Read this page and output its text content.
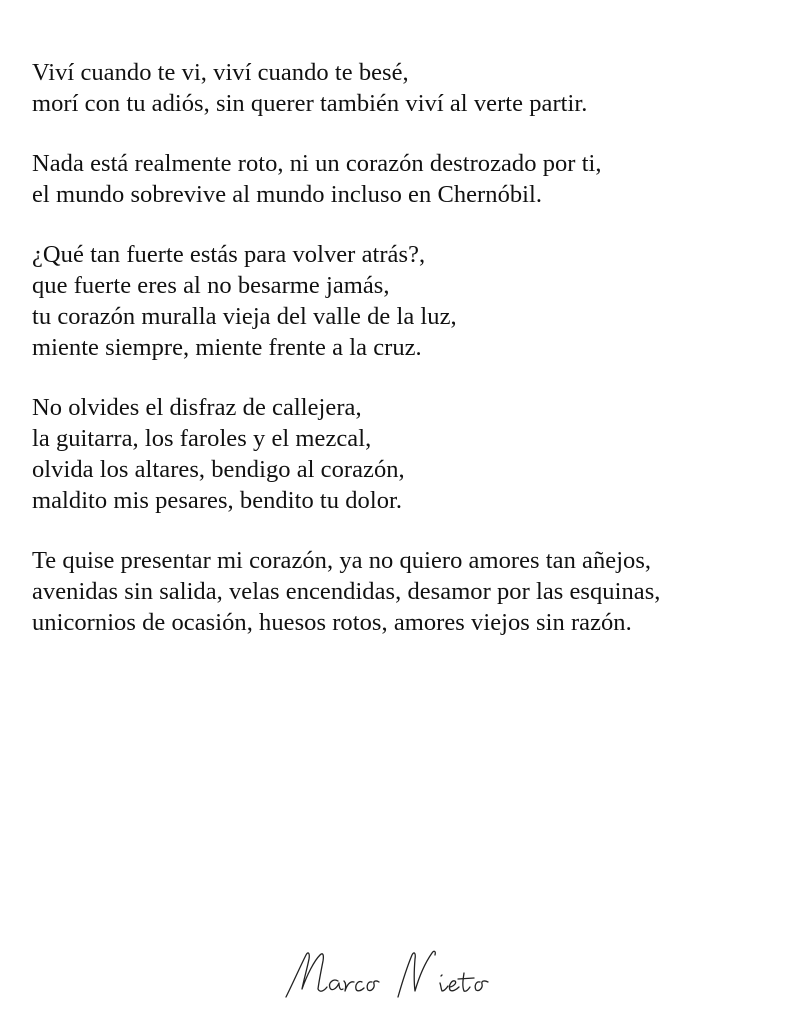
Viví cuando te vi, viví cuando te besé,
morí con tu adiós, sin querer también viví al verte partir.
Nada está realmente roto, ni un corazón destrozado por ti,
el mundo sobrevive al mundo incluso en Chernóbil.
¿Qué tan fuerte estás para volver atrás?,
que fuerte eres al no besarme jamás,
tu corazón muralla vieja del valle de la luz,
miente siempre, miente frente a la cruz.
No olvides el disfraz de callejera,
la guitarra, los faroles y el mezcal,
olvida los altares, bendigo al corazón,
maldito mis pesares, bendito tu dolor.
Te quise presentar mi corazón, ya no quiero amores tan añejos,
avenidas sin salida, velas encendidas, desamor por las esquinas,
unicornios de ocasión, huesos rotos, amores viejos sin razón.
